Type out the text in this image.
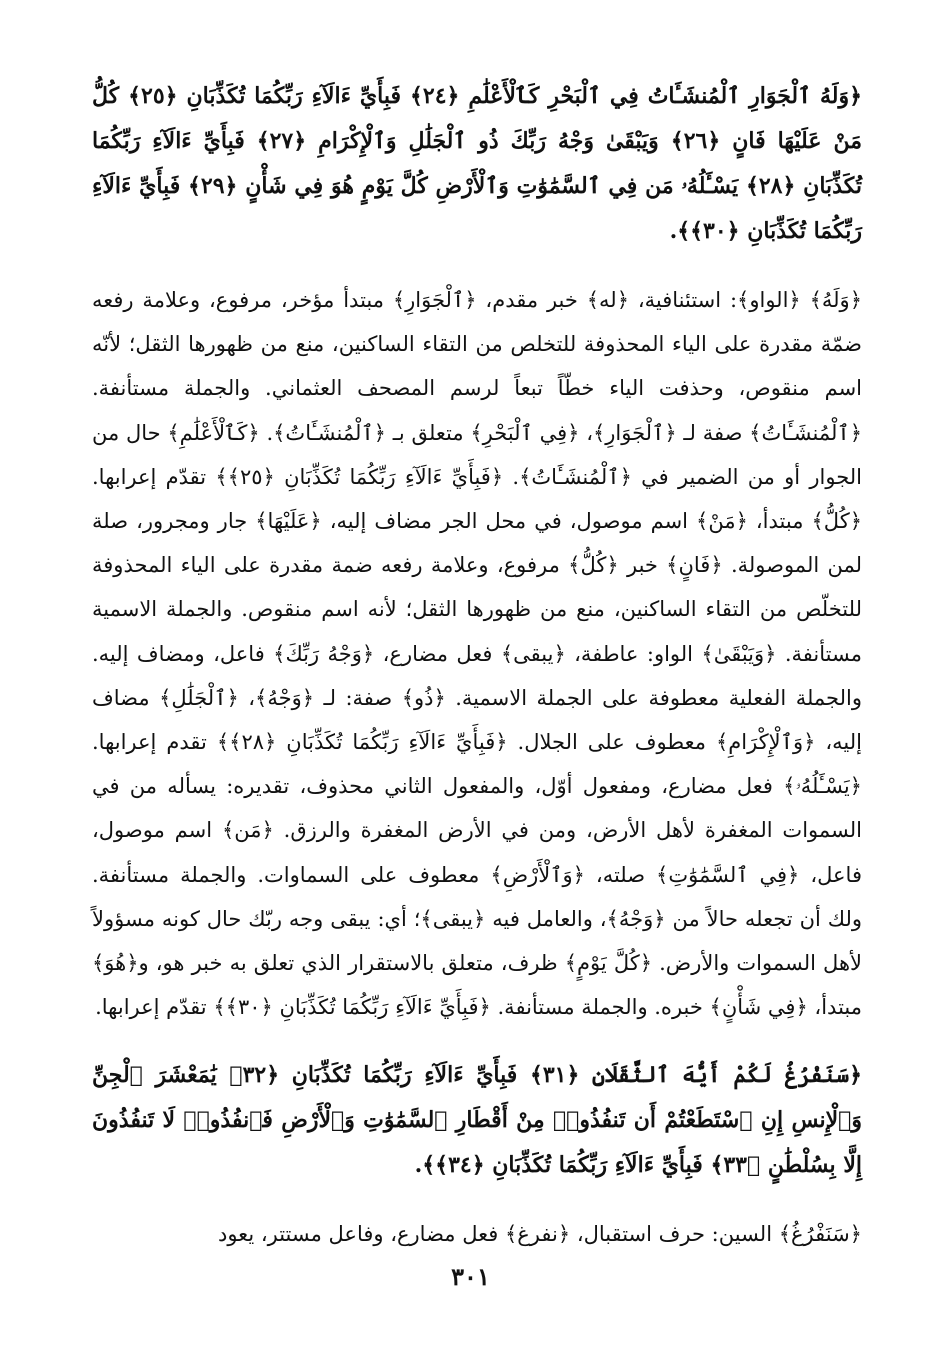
﴿وَلَهُ ٱلْجَوَارِ ٱلْمُنشَـَٔاتُ فِي ٱلْبَحْرِ كَٱلْأَعْلَٰمِ ﴿٢٤﴾ فَبِأَيِّ ءَالَآءِ رَبِّكُمَا تُكَذِّبَانِ ﴿٢٥﴾ كُلُّ مَنْ عَلَيْهَا فَانٍ ﴿٢٦﴾ وَيَبْقَىٰ وَجْهُ رَبِّكَ ذُو ٱلْجَلَٰلِ وَٱلْإِكْرَامِ ﴿٢٧﴾ فَبِأَيِّ ءَالَآءِ رَبِّكُمَا تُكَذِّبَانِ ﴿٢٨﴾ يَسْـَٔلُهُۥ مَن فِي ٱلسَّمَٰوَٰتِ وَٱلْأَرْضِ كُلَّ يَوْمٍ هُوَ فِي شَأْنٍ ﴿٢٩﴾ فَبِأَيِّ ءَالَآءِ رَبِّكُمَا تُكَذِّبَانِ ﴿٣٠﴾﴾.

﴿وَلَهُ﴾ ﴿الواو﴾: استئنافية، ﴿له﴾ خبر مقدم، ﴿ٱلْجَوَارِ﴾ مبتدأ مؤخر، مرفوع، وعلامة رفعه ضمّة مقدرة على الياء المحذوفة للتخلص من التقاء الساكنين، منع من ظهورها الثقل؛ لأنّه اسم منقوص، وحذفت الياء خطّاً تبعاً لرسم المصحف العثماني. والجملة مستأنفة. ﴿ٱلْمُنشَـَٔاتُ﴾ صفة لـ ﴿ٱلْجَوَارِ﴾، ﴿فِي ٱلْبَحْرِ﴾ متعلق بـ ﴿ٱلْمُنشَـَٔاتُ﴾. ﴿كَٱلْأَعْلَٰمِ﴾ حال من الجوار أو من الضمير في ﴿ٱلْمُنشَـَٔاتُ﴾. ﴿فَبِأَيِّ ءَالَآءِ رَبِّكُمَا تُكَذِّبَانِ ﴿٢٥﴾﴾ تقدّم إعرابها. ﴿كُلُّ﴾ مبتدأ، ﴿مَنْ﴾ اسم موصول، في محل الجر مضاف إليه، ﴿عَلَيْهَا﴾ جار ومجرور، صلة لمن الموصولة. ﴿فَانٍ﴾ خبر ﴿كُلُّ﴾ مرفوع، وعلامة رفعه ضمة مقدرة على الياء المحذوفة للتخلّص من التقاء الساكنين، منع من ظهورها الثقل؛ لأنه اسم منقوص. والجملة الاسمية مستأنفة. ﴿وَيَبْقَىٰ﴾ الواو: عاطفة، ﴿يبقى﴾ فعل مضارع، ﴿وَجْهُ رَبِّكَ﴾ فاعل، ومضاف إليه. والجملة الفعلية معطوفة على الجملة الاسمية. ﴿ذُو﴾ صفة: لـ ﴿وَجْهُ﴾، ﴿ٱلْجَلَٰلِ﴾ مضاف إليه، ﴿وَٱلْإِكْرَامِ﴾ معطوف على الجلال. ﴿فَبِأَيِّ ءَالَآءِ رَبِّكُمَا تُكَذِّبَانِ ﴿٢٨﴾﴾ تقدم إعرابها. ﴿يَسْـَٔلُهُۥ﴾ فعل مضارع، ومفعول أوّل، والمفعول الثاني محذوف، تقديره: يسأله من في السموات المغفرة لأهل الأرض، ومن في الأرض المغفرة والرزق. ﴿مَن﴾ اسم موصول، فاعل، ﴿فِي ٱلسَّمَٰوَٰتِ﴾ صلته، ﴿وَٱلْأَرْضِ﴾ معطوف على السماوات. والجملة مستأنفة. ولك أن تجعله حالاً من ﴿وَجْهُ﴾، والعامل فيه ﴿يبقى﴾؛ أي: يبقى وجه ربّك حال كونه مسؤولاً لأهل السموات والأرض. ﴿كُلَّ يَوْمٍ﴾ ظرف، متعلق بالاستقرار الذي تعلق به خبر هو، و﴿هُوَ﴾ مبتدأ، ﴿فِي شَأْنٍ﴾ خبره. والجملة مستأنفة. ﴿فَبِأَيِّ ءَالَآءِ رَبِّكُمَا تُكَذِّبَانِ ﴿٣٠﴾﴾ تقدّم إعرابها.

﴿سَنَفْرُغُ لَكُمْ أَيُّهَ ٱلثَّقَلَانِ ﴿٣١﴾ فَبِأَيِّ ءَالَآءِ رَبِّكُمَا تُكَذِّبَانِ ﴿٣٢﴾ يَٰمَعْشَرَ ٱلْجِنِّ وَٱلْإِنسِ إِنِ ٱسْتَطَعْتُمْ أَن تَنفُذُوا۟ مِنْ أَقْطَارِ ٱلسَّمَٰوَٰتِ وَٱلْأَرْضِ فَٱنفُذُوا۟ لَا تَنفُذُونَ إِلَّا بِسُلْطَٰنٍ ﴿٣٣﴾ فَبِأَيِّ ءَالَآءِ رَبِّكُمَا تُكَذِّبَانِ ﴿٣٤﴾﴾.

﴿سَنَفْرُغُ﴾ السين: حرف استقبال، ﴿نفرغ﴾ فعل مضارع، وفاعل مستتر، يعود

٣٠١
